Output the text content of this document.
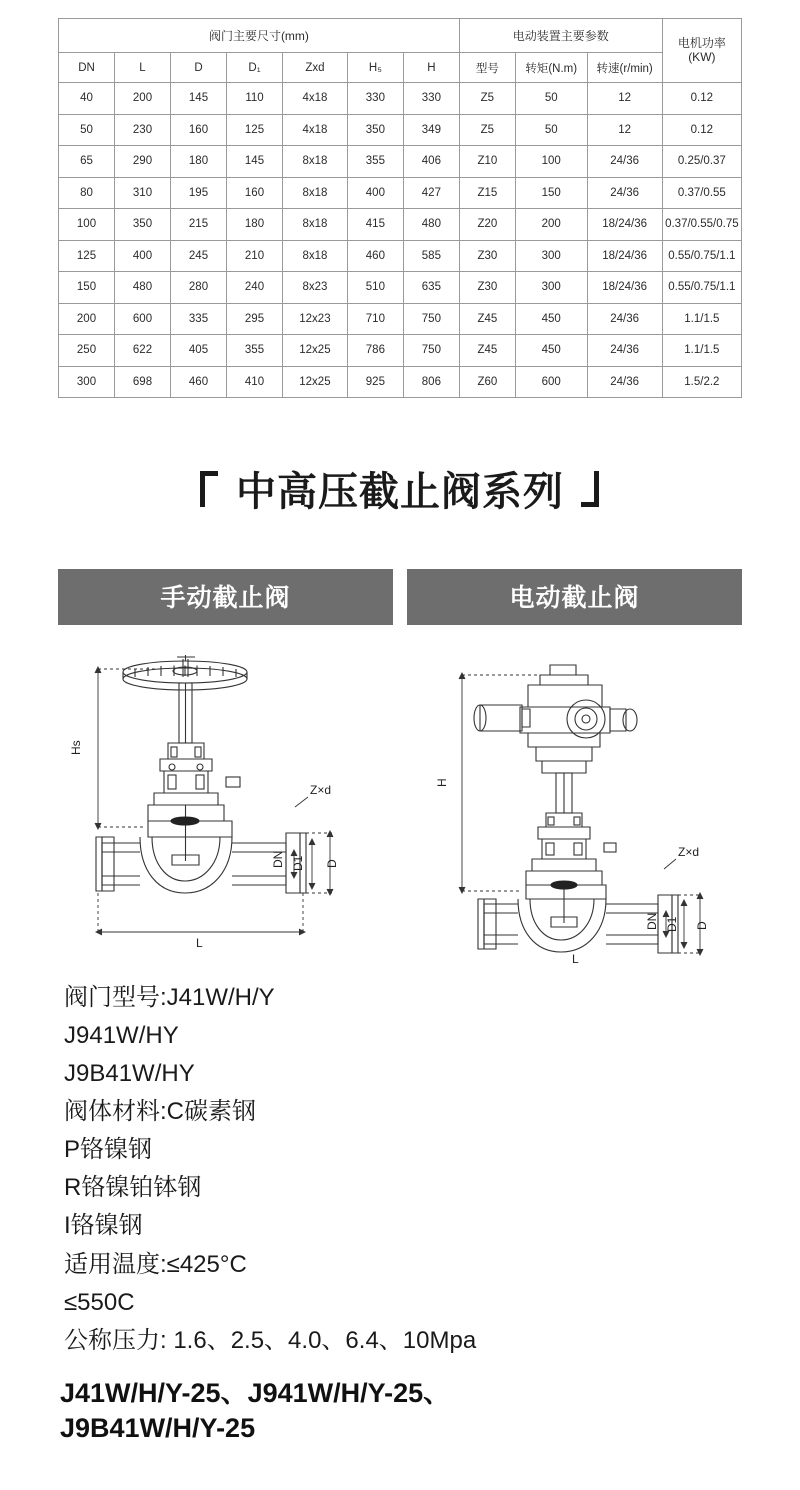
阀门主要尺寸(mm)							电动装置主要参数			电机功率
(KW)
DN	L	D	D₁	Zxd	H₅	H	型号	转矩(N.m)	转速(r/min)	
40	200	145	110	4x18	330	330	Z5	50	12	0.12
50	230	160	125	4x18	350	349	Z5	50	12	0.12
65	290	180	145	8x18	355	406	Z10	100	24/36	0.25/0.37
80	310	195	160	8x18	400	427	Z15	150	24/36	0.37/0.55
100	350	215	180	8x18	415	480	Z20	200	18/24/36	0.37/0.55/0.75
125	400	245	210	8x18	460	585	Z30	300	18/24/36	0.55/0.75/1.1
150	480	280	240	8x23	510	635	Z30	300	18/24/36	0.55/0.75/1.1
200	600	335	295	12x23	710	750	Z45	450	24/36	1.1/1.5
250	622	405	355	12x25	786	750	Z45	450	24/36	1.1/1.5
300	698	460	410	12x25	925	806	Z60	600	24/36	1.5/2.2
中高压截止阀系列
手动截止阀	电动截止阀
Hs
Z×d
DN D1 D
L
H
Z×d
DN D1 D
L

阀门型号:J41W/H/Y

J941W/HY

J9B41W/HY

阀体材料:C碳素钢

P铬镍钢

R铬镍铂钵钢

I铬镍钢

适用温度:≤425°C

≤550C

公称压力: 1.6、2.5、4.0、6.4、10Mpa

J41W/H/Y-25、J941W/H/Y-25、

J9B41W/H/Y-25
